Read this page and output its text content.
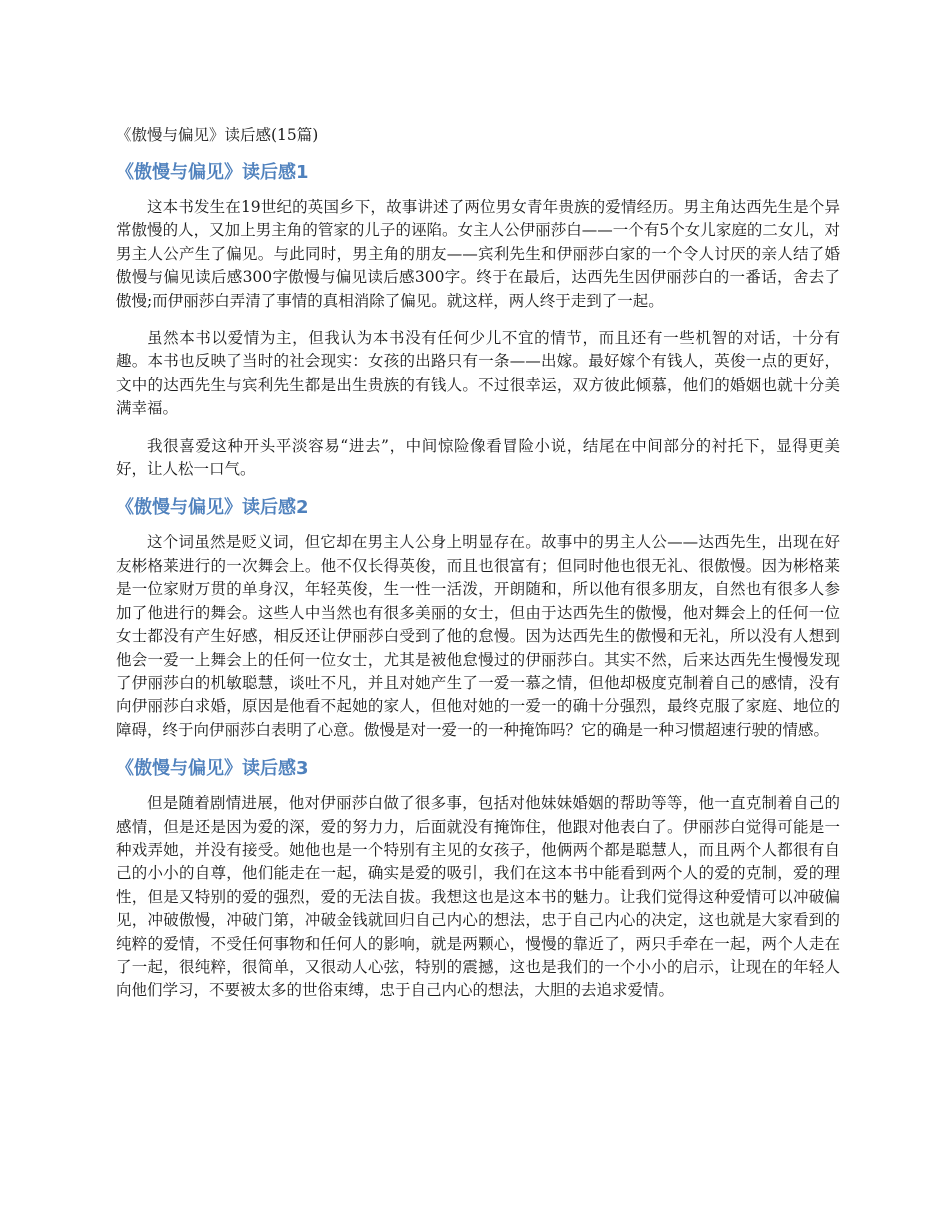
《傲慢与偏见》读后感(15篇)

《傲慢与偏见》读后感1

这本书发生在19世纪的英国乡下，故事讲述了两位男女青年贵族的爱情经历。男主角达西先生是个异常傲慢的人，又加上男主角的管家的儿子的诬陷。女主人公伊丽莎白——一个有5个女儿家庭的二女儿，对男主人公产生了偏见。与此同时，男主角的朋友——宾利先生和伊丽莎白家的一个令人讨厌的亲人结了婚傲慢与偏见读后感300字傲慢与偏见读后感300字。终于在最后，达西先生因伊丽莎白的一番话，舍去了傲慢;而伊丽莎白弄清了事情的真相消除了偏见。就这样，两人终于走到了一起。

虽然本书以爱情为主，但我认为本书没有任何少儿不宜的情节，而且还有一些机智的对话，十分有趣。本书也反映了当时的社会现实：女孩的出路只有一条——出嫁。最好嫁个有钱人，英俊一点的更好，文中的达西先生与宾利先生都是出生贵族的有钱人。不过很幸运，双方彼此倾慕，他们的婚姻也就十分美满幸福。

我很喜爱这种开头平淡容易“进去”，中间惊险像看冒险小说，结尾在中间部分的衬托下，显得更美好，让人松一口气。

《傲慢与偏见》读后感2

这个词虽然是贬义词，但它却在男主人公身上明显存在。故事中的男主人公——达西先生，出现在好友彬格莱进行的一次舞会上。他不仅长得英俊，而且也很富有；但同时他也很无礼、很傲慢。因为彬格莱是一位家财万贯的单身汉，年轻英俊，生一性一活泼，开朗随和，所以他有很多朋友，自然也有很多人参加了他进行的舞会。这些人中当然也有很多美丽的女士，但由于达西先生的傲慢，他对舞会上的任何一位女士都没有产生好感，相反还让伊丽莎白受到了他的怠慢。因为达西先生的傲慢和无礼，所以没有人想到他会一爱一上舞会上的任何一位女士，尤其是被他怠慢过的伊丽莎白。其实不然，后来达西先生慢慢发现了伊丽莎白的机敏聪慧，谈吐不凡，并且对她产生了一爱一慕之情，但他却极度克制着自己的感情，没有向伊丽莎白求婚，原因是他看不起她的家人，但他对她的一爱一的确十分强烈，最终克服了家庭、地位的障碍，终于向伊丽莎白表明了心意。傲慢是对一爱一的一种掩饰吗？它的确是一种习惯超速行驶的情感。

《傲慢与偏见》读后感3

但是随着剧情进展，他对伊丽莎白做了很多事，包括对他妹妹婚姻的帮助等等，他一直克制着自己的感情，但是还是因为爱的深，爱的努力力，后面就没有掩饰住，他跟对他表白了。伊丽莎白觉得可能是一种戏弄她，并没有接受。她他也是一个特别有主见的女孩子，他俩两个都是聪慧人，而且两个人都很有自己的小小的自尊，他们能走在一起，确实是爱的吸引，我们在这本书中能看到两个人的爱的克制，爱的理性，但是又特别的爱的强烈，爱的无法自拔。我想这也是这本书的魅力。让我们觉得这种爱情可以冲破偏见，冲破傲慢，冲破门第，冲破金钱就回归自己内心的想法，忠于自己内心的决定，这也就是大家看到的纯粹的爱情，不受任何事物和任何人的影响，就是两颗心，慢慢的靠近了，两只手牵在一起，两个人走在了一起，很纯粹，很简单，又很动人心弦，特别的震撼，这也是我们的一个小小的启示，让现在的年轻人向他们学习，不要被太多的世俗束缚，忠于自己内心的想法，大胆的去追求爱情。
